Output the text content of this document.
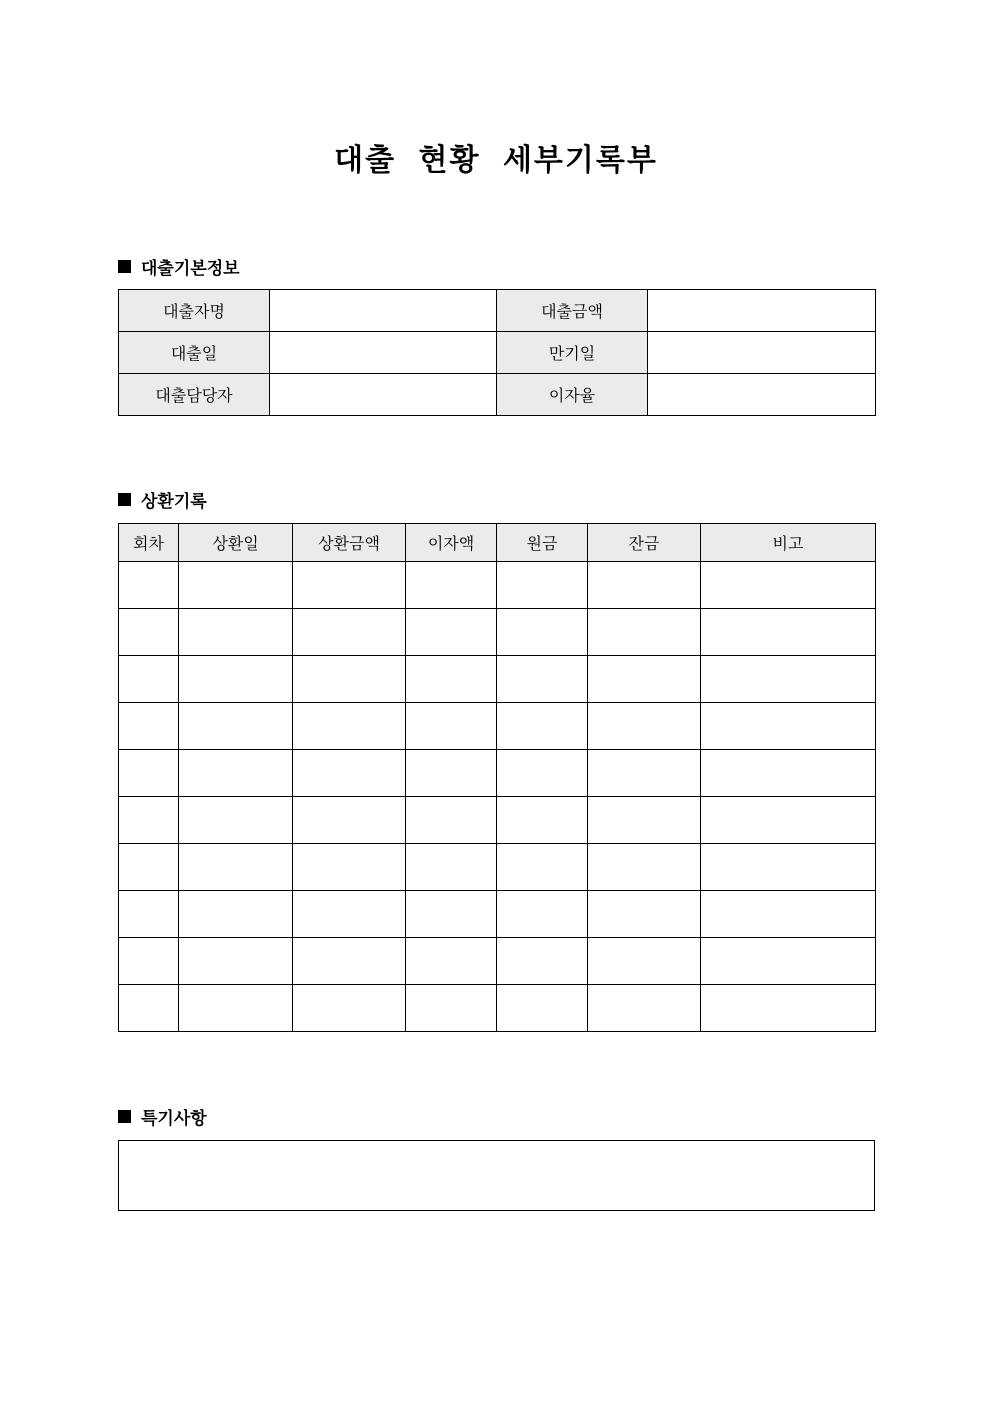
대출 현황 세부기록부
대출기본정보
대출자명		대출금액	
대출일		만기일	
대출담당자		이자율	
상환기록
회차	상환일	상환금액	이자액	원금	잔금	비고

특기사항
